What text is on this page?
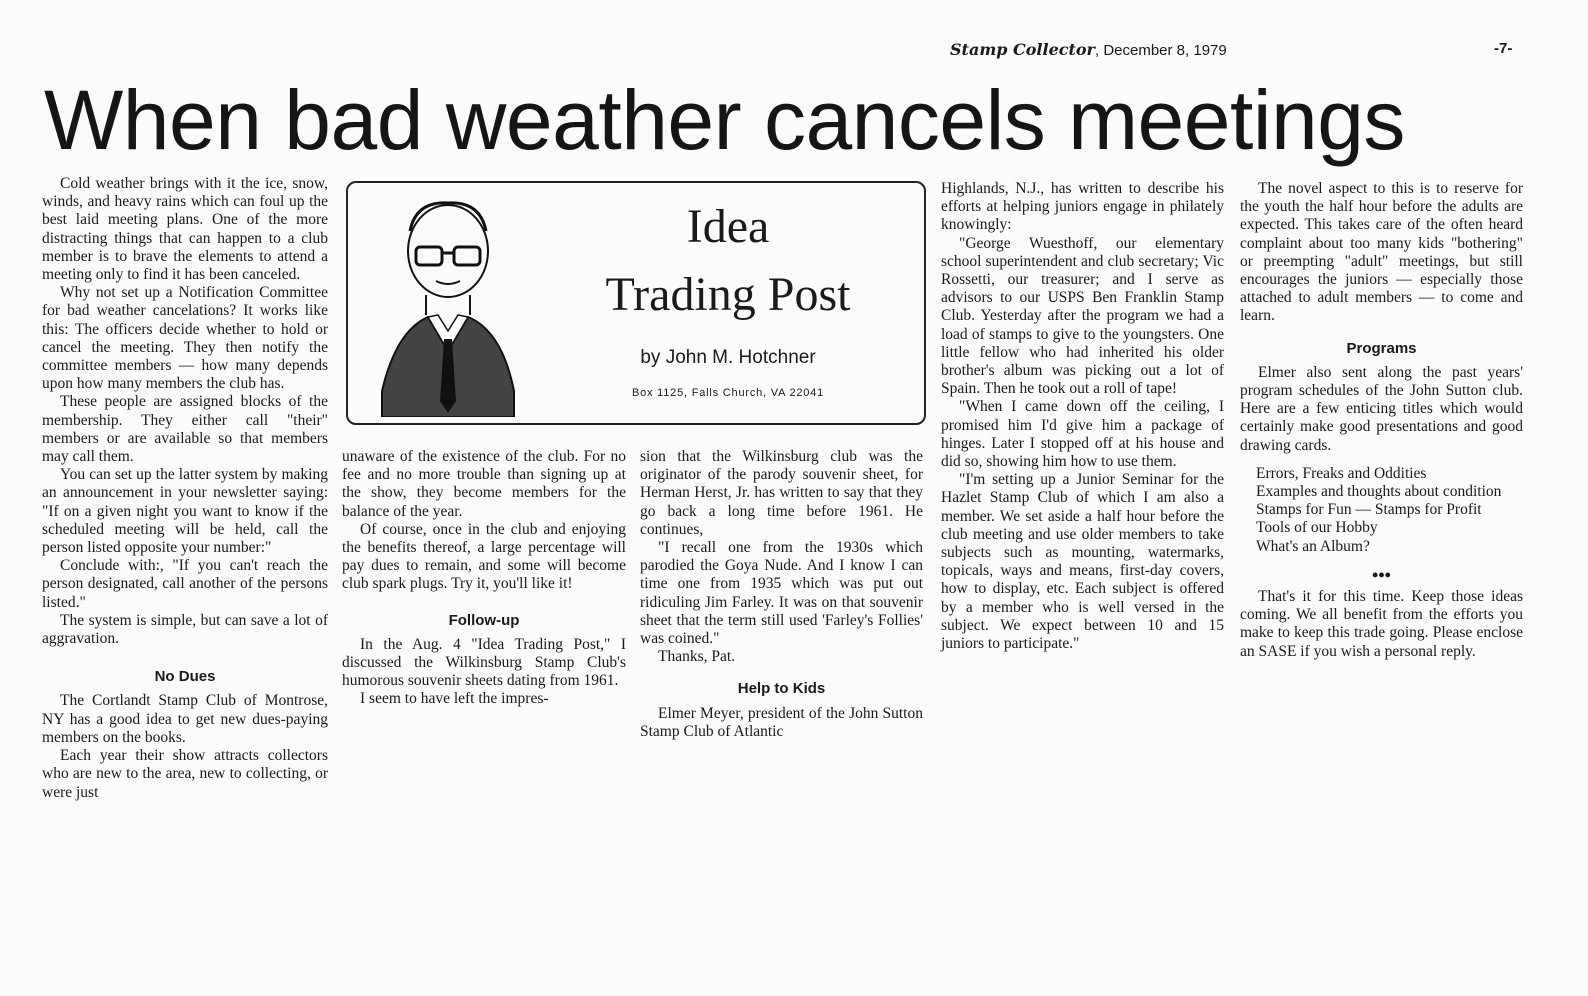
Stamp Collector, December 8, 1979	-7-
When bad weather cancels meetings

Cold weather brings with it the ice, snow, winds, and heavy rains which can foul up the best laid meeting plans. One of the more distracting things that can happen to a club member is to brave the elements to attend a meeting only to find it has been canceled.

Why not set up a Notification Committee for bad weather cancelations? It works like this: The officers decide whether to hold or cancel the meeting. They then notify the committee members — how many depends upon how many members the club has.

These people are assigned blocks of the membership. They either call "their" members or are available so that members may call them.

You can set up the latter system by making an announcement in your newsletter saying: "If on a given night you want to know if the scheduled meeting will be held, call the person listed opposite your number:"

Conclude with:, "If you can't reach the person designated, call another of the persons listed."

The system is simple, but can save a lot of aggravation.

No Dues

The Cortlandt Stamp Club of Montrose, NY has a good idea to get new dues-paying members on the books.

Each year their show attracts collectors who are new to the area, new to collecting, or were just

Idea
Trading Post
by John M. Hotchner
Box 1125, Falls Church, VA 22041

unaware of the existence of the club. For no fee and no more trouble than signing up at the show, they become members for the balance of the year.

Of course, once in the club and enjoying the benefits thereof, a large percentage will pay dues to remain, and some will become club spark plugs. Try it, you'll like it!

Follow-up

In the Aug. 4 "Idea Trading Post," I discussed the Wilkinsburg Stamp Club's humorous souvenir sheets dating from 1961.

I seem to have left the impres-

sion that the Wilkinsburg club was the originator of the parody souvenir sheet, for Herman Herst, Jr. has written to say that they go back a long time before 1961. He continues,

"I recall one from the 1930s which parodied the Goya Nude. And I know I can time one from 1935 which was put out ridiculing Jim Farley. It was on that souvenir sheet that the term still used 'Farley's Follies' was coined."

Thanks, Pat.

Help to Kids

Elmer Meyer, president of the John Sutton Stamp Club of Atlantic

Highlands, N.J., has written to describe his efforts at helping juniors engage in philately knowingly:

"George Wuesthoff, our elementary school superintendent and club secretary; Vic Rossetti, our treasurer; and I serve as advisors to our USPS Ben Franklin Stamp Club. Yesterday after the program we had a load of stamps to give to the youngsters. One little fellow who had inherited his older brother's album was picking out a lot of Spain. Then he took out a roll of tape!

"When I came down off the ceiling, I promised him I'd give him a package of hinges. Later I stopped off at his house and did so, showing him how to use them.

"I'm setting up a Junior Seminar for the Hazlet Stamp Club of which I am also a member. We set aside a half hour before the club meeting and use older members to take subjects such as mounting, watermarks, topicals, ways and means, first-day covers, how to display, etc. Each subject is offered by a member who is well versed in the subject. We expect between 10 and 15 juniors to participate."

The novel aspect to this is to reserve for the youth the half hour before the adults are expected. This takes care of the often heard complaint about too many kids "bothering" or preempting "adult" meetings, but still encourages the juniors — especially those attached to adult members — to come and learn.

Programs

Elmer also sent along the past years' program schedules of the John Sutton club. Here are a few enticing titles which would certainly make good presentations and good drawing cards.

Errors, Freaks and Oddities

Examples and thoughts about condition

Stamps for Fun — Stamps for Profit

Tools of our Hobby

What's an Album?

•••

That's it for this time. Keep those ideas coming. We all benefit from the efforts you make to keep this trade going. Please enclose an SASE if you wish a personal reply.
